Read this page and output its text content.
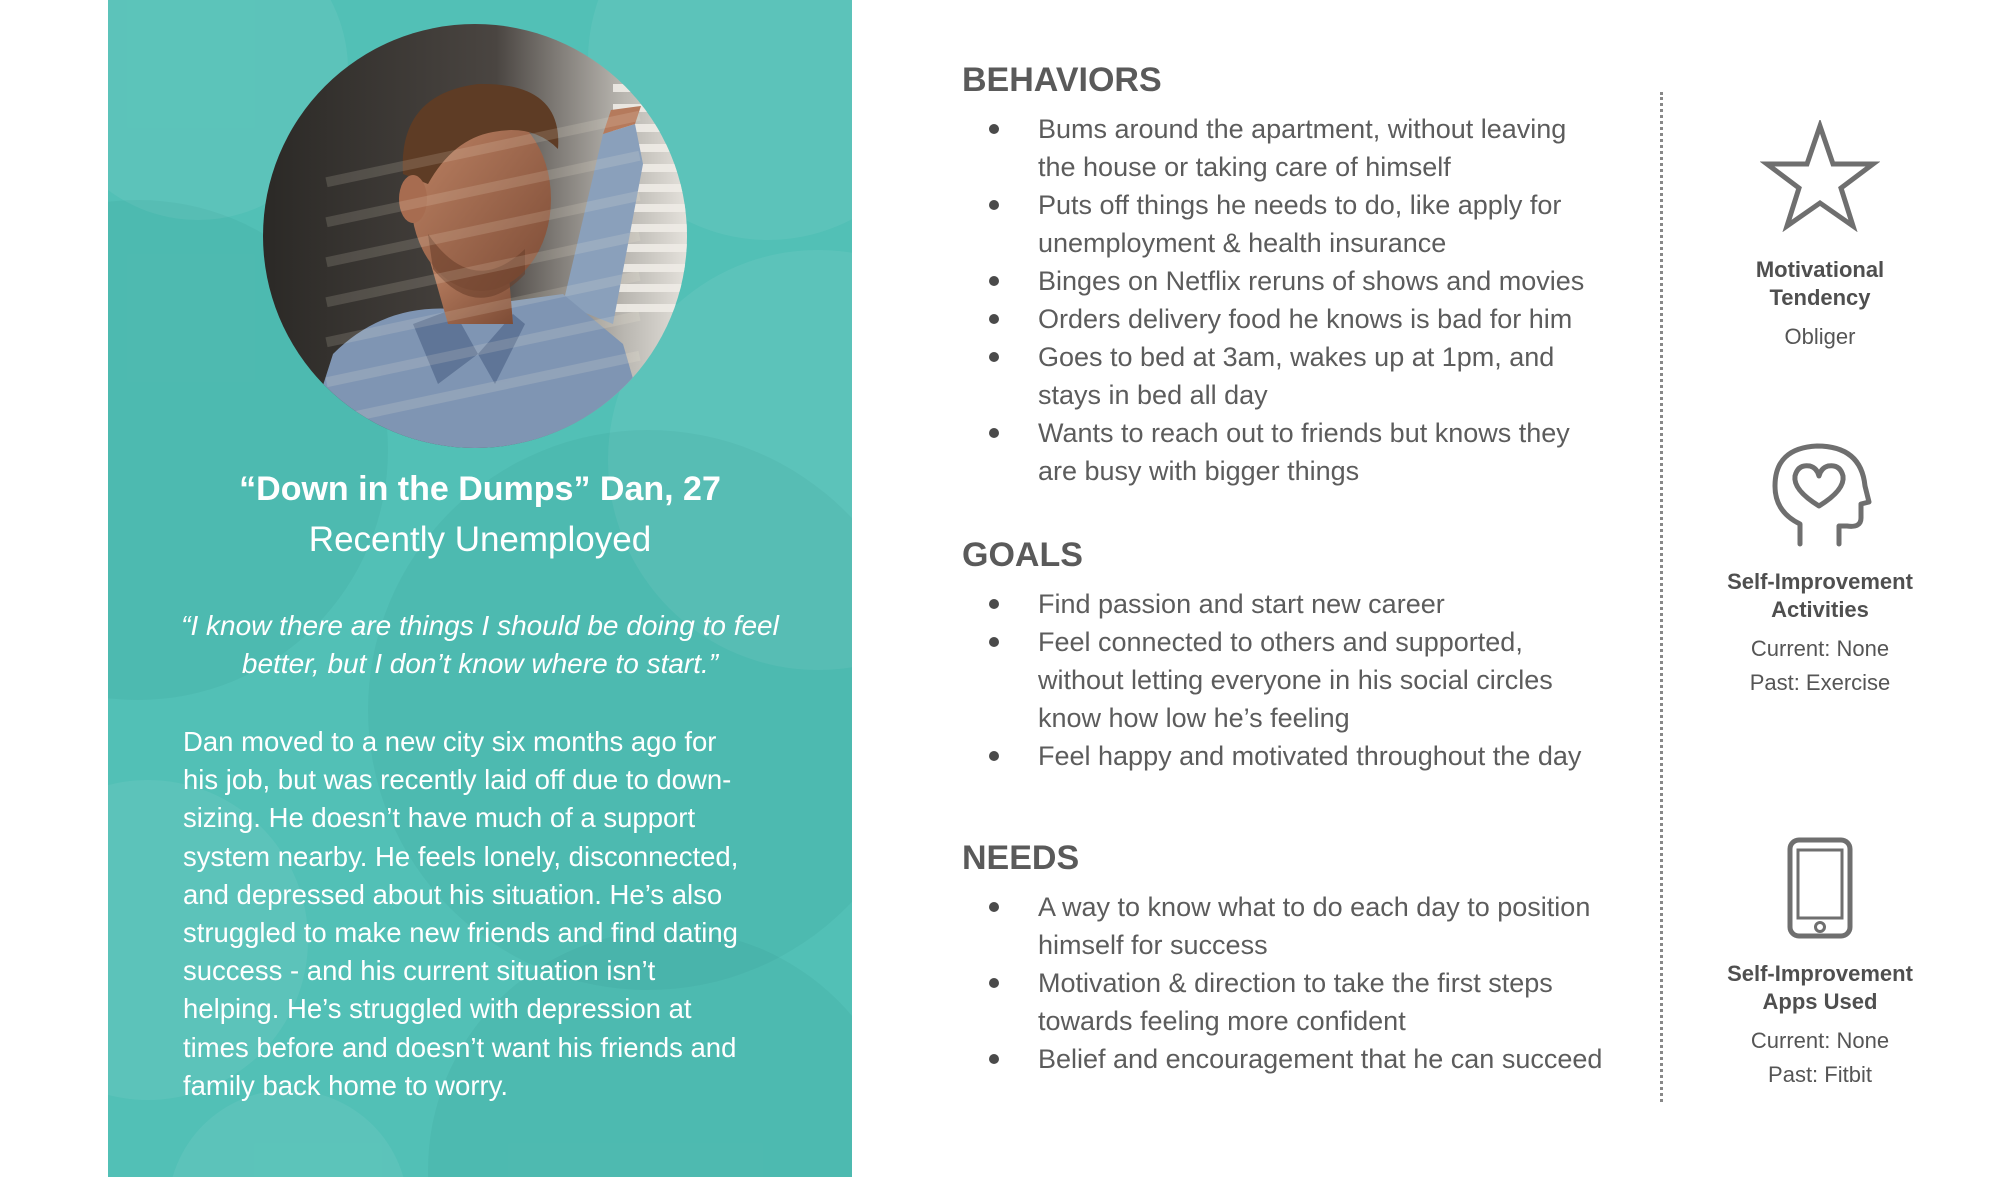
“Down in the Dumps” Dan, 27
Recently Unemployed
“I know there are things I should be doing to feel better, but I don’t know where to start.”
Dan moved to a new city six months ago for
his job, but was recently laid off due to down-
sizing. He doesn’t have much of a support
system nearby. He feels lonely, disconnected,
and depressed about his situation. He’s also
struggled to make new friends and find dating
success - and his current situation isn’t
helping. He’s struggled with depression at
times before and doesn’t want his friends and
family back home to worry.
BEHAVIORS
Bums around the apartment, without leaving
the house or taking care of himself
Puts off things he needs to do, like apply for
unemployment & health insurance
Binges on Netflix reruns of shows and movies
Orders delivery food he knows is bad for him
Goes to bed at 3am, wakes up at 1pm, and
stays in bed all day
Wants to reach out to friends but knows they
are busy with bigger things
GOALS
Find passion and start new career
Feel connected to others and supported,
without letting everyone in his social circles
know how low he’s feeling
Feel happy and motivated throughout the day
NEEDS
A way to know what to do each day to position
himself for success
Motivation & direction to take the first steps
towards feeling more confident
Belief and encouragement that he can succeed
Motivational
Tendency
Obliger
Self-Improvement
Activities
Current: None
Past: Exercise
Self-Improvement
Apps Used
Current: None
Past: Fitbit
